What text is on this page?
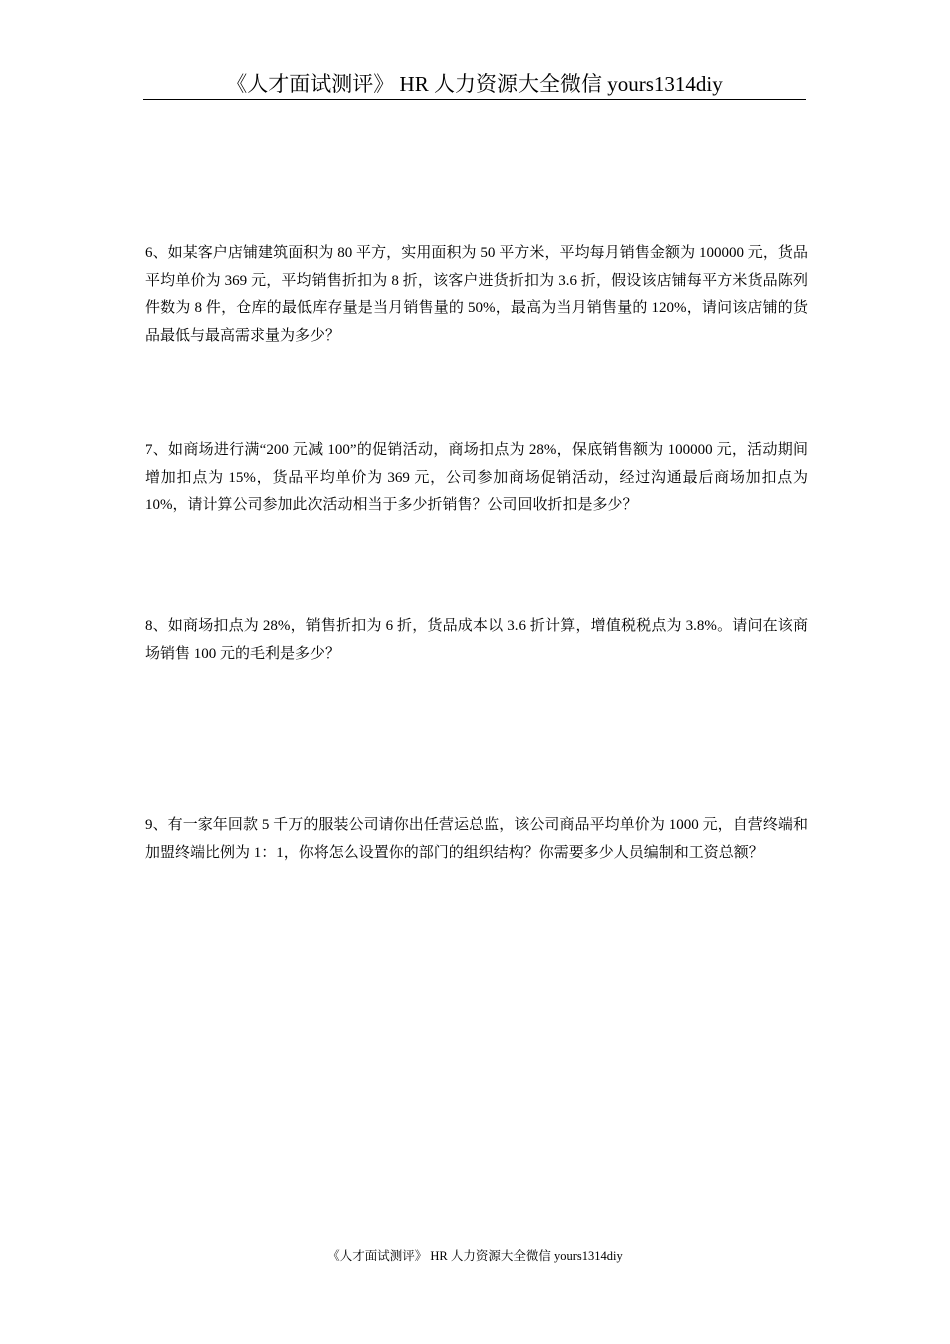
《人才面试测评》 HR 人力资源大全微信 yours1314diy

6、如某客户店铺建筑面积为 80 平方，实用面积为 50 平方米，平均每月销售金额为 100000 元，货品平均单价为 369 元，平均销售折扣为 8 折，该客户进货折扣为 3.6 折，假设该店铺每平方米货品陈列件数为 8 件，仓库的最低库存量是当月销售量的 50%，最高为当月销售量的 120%，请问该店铺的货品最低与最高需求量为多少？

7、如商场进行满“200 元减 100”的促销活动，商场扣点为 28%，保底销售额为 100000 元，活动期间增加扣点为 15%，货品平均单价为 369 元，公司参加商场促销活动，经过沟通最后商场加扣点为 10%，请计算公司参加此次活动相当于多少折销售？公司回收折扣是多少？

8、如商场扣点为 28%，销售折扣为 6 折，货品成本以 3.6 折计算，增值税税点为 3.8%。请问在该商场销售 100 元的毛利是多少？

9、有一家年回款 5 千万的服装公司请你出任营运总监，该公司商品平均单价为 1000 元，自营终端和加盟终端比例为 1：1，你将怎么设置你的部门的组织结构？你需要多少人员编制和工资总额？

《人才面试测评》 HR 人力资源大全微信 yours1314diy
